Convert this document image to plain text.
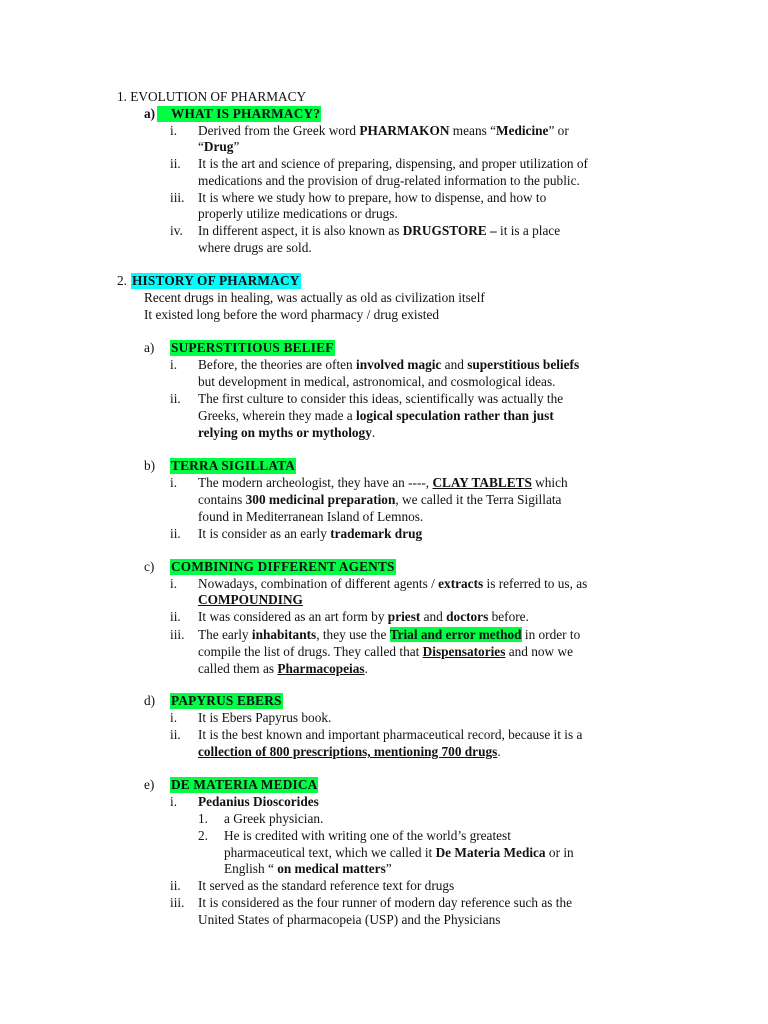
1. EVOLUTION OF PHARMACY
a)	WHAT IS PHARMACY?
i. Derived from the Greek word PHARMAKON means “Medicine” or
“Drug”
ii. It is the art and science of preparing, dispensing, and proper utilization of
medications and the provision of drug-related information to the public.
iii. It is where we study how to prepare, how to dispense, and how to
properly utilize medications or drugs.
iv. In different aspect, it is also known as DRUGSTORE – it is a place
where drugs are sold.
2. HISTORY OF PHARMACY
Recent drugs in healing, was actually as old as civilization itself
It existed long before the word pharmacy / drug existed
a) SUPERSTITIOUS BELIEF
i. Before, the theories are often involved magic and superstitious beliefs
but development in medical, astronomical, and cosmological ideas.
ii. The first culture to consider this ideas, scientifically was actually the
Greeks, wherein they made a logical speculation rather than just
relying on myths or mythology.
b) TERRA SIGILLATA
i. The modern archeologist, they have an ----, CLAY TABLETS which
contains 300 medicinal preparation, we called it the Terra Sigillata
found in Mediterranean Island of Lemnos.
ii. It is consider as an early trademark drug
c) COMBINING DIFFERENT AGENTS
i. Nowadays, combination of different agents / extracts is referred to us, as
COMPOUNDING
ii. It was considered as an art form by priest and doctors before.
iii. The early inhabitants, they use the Trial and error method in order to
compile the list of drugs. They called that Dispensatories and now we
called them as Pharmacopeias.
d) PAPYRUS EBERS
i. It is Ebers Papyrus book.
ii. It is the best known and important pharmaceutical record, because it is a
collection of 800 prescriptions, mentioning 700 drugs.
e) DE MATERIA MEDICA
i. Pedanius Dioscorides
1. a Greek physician.
2. He is credited with writing one of the world’s greatest
pharmaceutical text, which we called it De Materia Medica or in
English “ on medical matters”
ii. It served as the standard reference text for drugs
iii. It is considered as the four runner of modern day reference such as the
United States of pharmacopeia (USP) and the Physicians
